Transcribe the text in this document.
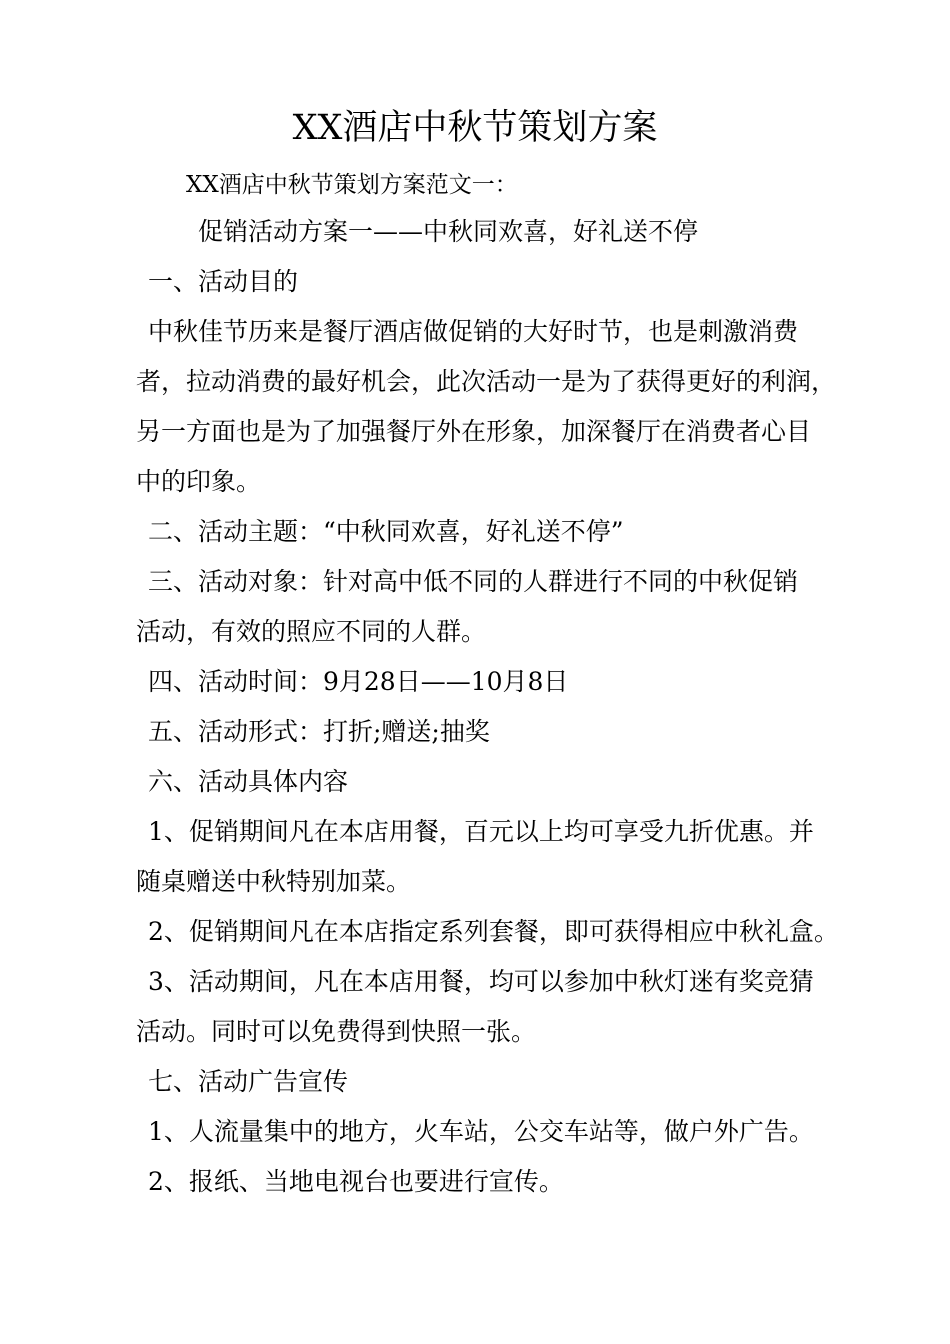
XX酒店中秋节策划方案
XX酒店中秋节策划方案范文一：
促销活动方案一——中秋同欢喜，好礼送不停
一、活动目的
中秋佳节历来是餐厅酒店做促销的大好时节，也是刺激消费
者，拉动消费的最好机会，此次活动一是为了获得更好的利润，
另一方面也是为了加强餐厅外在形象，加深餐厅在消费者心目
中的印象。
二、活动主题：“中秋同欢喜，好礼送不停”
三、活动对象：针对高中低不同的人群进行不同的中秋促销
活动，有效的照应不同的人群。
四、活动时间：9月28日——10月8日
五、活动形式：打折;赠送;抽奖
六、活动具体内容
1、促销期间凡在本店用餐，百元以上均可享受九折优惠。并
随桌赠送中秋特别加菜。
2、促销期间凡在本店指定系列套餐，即可获得相应中秋礼盒。
3、活动期间，凡在本店用餐，均可以参加中秋灯迷有奖竞猜
活动。同时可以免费得到快照一张。
七、活动广告宣传
1、人流量集中的地方，火车站，公交车站等，做户外广告。
2、报纸、当地电视台也要进行宣传。
